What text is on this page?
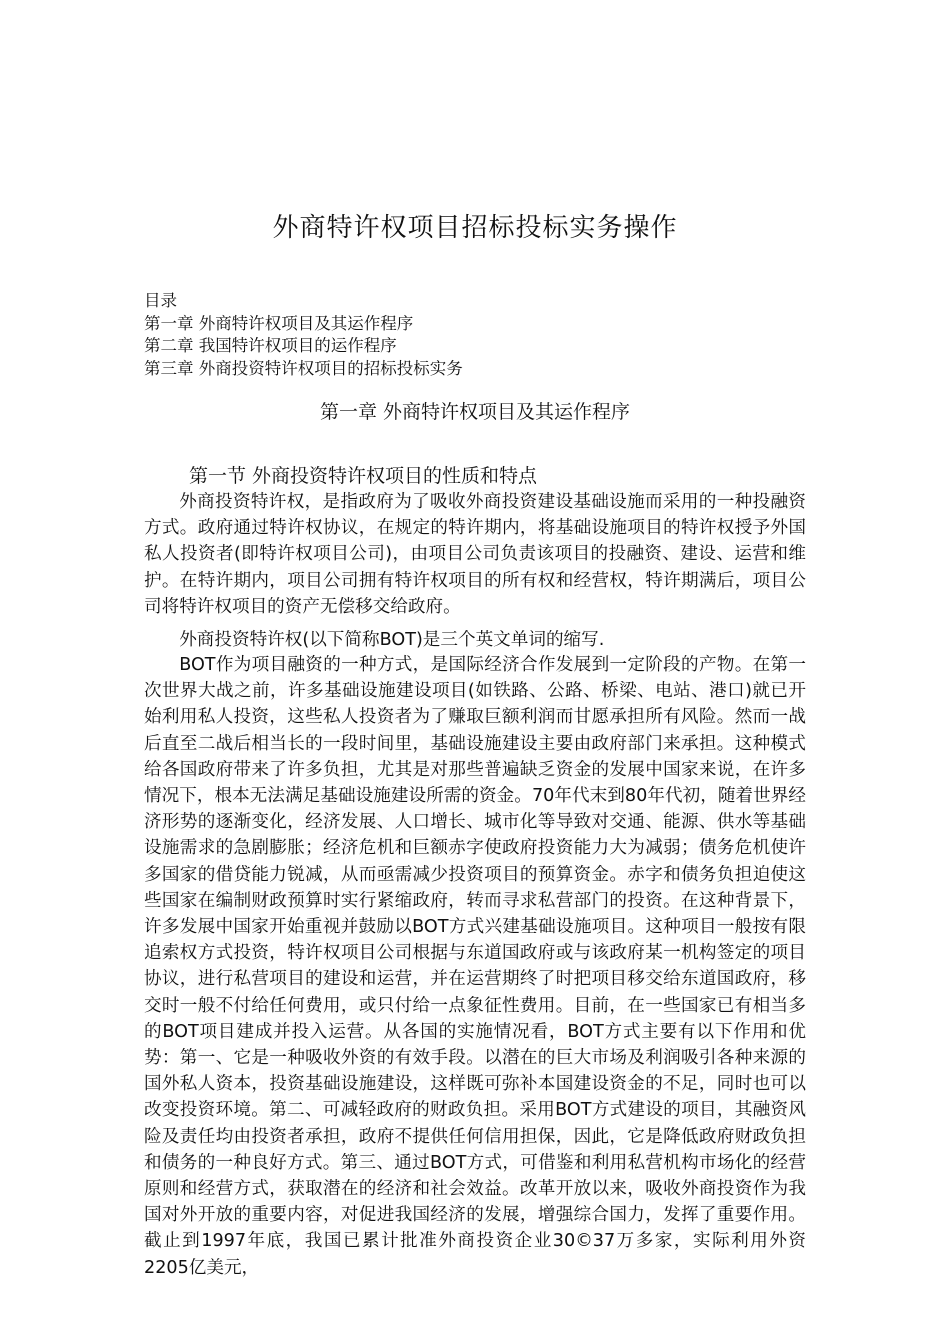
外商特许权项目招标投标实务操作
目录
第一章 外商特许权项目及其运作程序
第二章 我国特许权项目的运作程序
第三章 外商投资特许权项目的招标投标实务
第一章 外商特许权项目及其运作程序
第一节 外商投资特许权项目的性质和特点

外商投资特许权，是指政府为了吸收外商投资建设基础设施而采用的一种投融资方式。政府通过特许权协议，在规定的特许期内，将基础设施项目的特许权授予外国私人投资者(即特许权项目公司)，由项目公司负责该项目的投融资、建设、运营和维护。在特许期内，项目公司拥有特许权项目的所有权和经营权，特许期满后，项目公司将特许权项目的资产无偿移交给政府。

外商投资特许权(以下简称BOT)是三个英文单词的缩写.

BOT作为项目融资的一种方式，是国际经济合作发展到一定阶段的产物。在第一次世界大战之前，许多基础设施建设项目(如铁路、公路、桥梁、电站、港口)就已开始利用私人投资，这些私人投资者为了赚取巨额利润而甘愿承担所有风险。然而一战后直至二战后相当长的一段时间里，基础设施建设主要由政府部门来承担。这种模式给各国政府带来了许多负担，尤其是对那些普遍缺乏资金的发展中国家来说，在许多情况下，根本无法满足基础设施建设所需的资金。70年代末到80年代初，随着世界经济形势的逐渐变化，经济发展、人口增长、城市化等导致对交通、能源、供水等基础设施需求的急剧膨胀；经济危机和巨额赤字使政府投资能力大为减弱；债务危机使许多国家的借贷能力锐减，从而亟需减少投资项目的预算资金。赤字和债务负担迫使这些国家在编制财政预算时实行紧缩政府，转而寻求私营部门的投资。在这种背景下，许多发展中国家开始重视并鼓励以BOT方式兴建基础设施项目。这种项目一般按有限追索权方式投资，特许权项目公司根据与东道国政府或与该政府某一机构签定的项目协议，进行私营项目的建设和运营，并在运营期终了时把项目移交给东道国政府，移交时一般不付给任何费用，或只付给一点象征性费用。目前，在一些国家已有相当多的BOT项目建成并投入运营。从各国的实施情况看，BOT方式主要有以下作用和优势：第一、它是一种吸收外资的有效手段。以潜在的巨大市场及利润吸引各种来源的国外私人资本，投资基础设施建设，这样既可弥补本国建设资金的不足，同时也可以改变投资环境。第二、可减轻政府的财政负担。采用BOT方式建设的项目，其融资风险及责任均由投资者承担，政府不提供任何信用担保，因此，它是降低政府财政负担和债务的一种良好方式。第三、通过BOT方式，可借鉴和利用私营机构市场化的经营原则和经营方式，获取潜在的经济和社会效益。改革开放以来，吸收外商投资作为我国对外开放的重要内容，对促进我国经济的发展，增强综合国力，发挥了重要作用。截止到1997年底，我国已累计批准外商投资企业30©37万多家，实际利用外资2205亿美元，
